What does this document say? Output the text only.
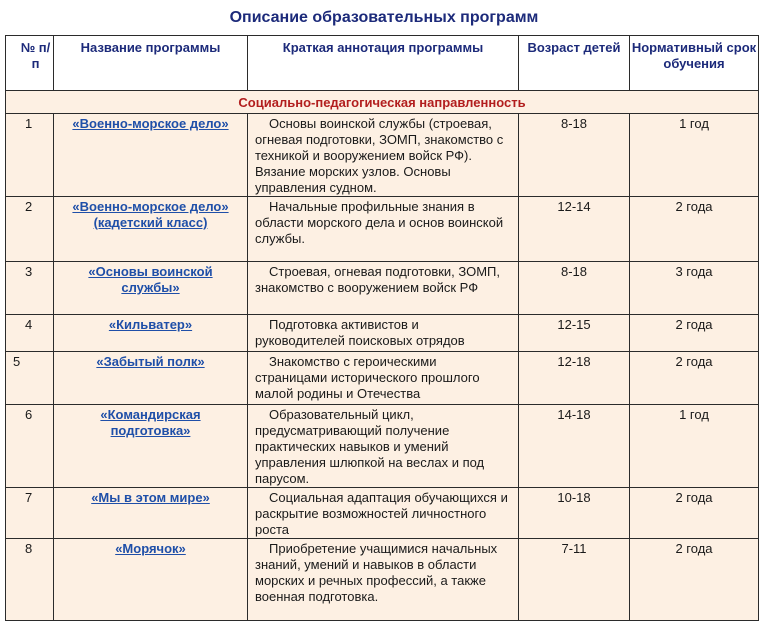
Описание образовательных программ
№ п/п	Название программы	Краткая аннотация программы	Возраст детей	Нормативный срок обучения
Социально-педагогическая направленность				
1	«Военно-морское дело»	Основы воинской службы (строевая, огневая подготовки, ЗОМП, знакомство с техникой и вооружением войск РФ). Вязание морских узлов. Основы управления судном.	8-18	1 год
2	«Военно-морское дело» (кадетский класс)	Начальные профильные знания в области морского дела и основ воинской службы.	12-14	2 года
3	«Основы воинской службы»	Строевая, огневая подготовки, ЗОМП, знакомство с вооружением войск РФ	8-18	3 года
4	«Кильватер»	Подготовка активистов и руководителей поисковых отрядов	12-15	2 года
5	«Забытый полк»	Знакомство с героическими страницами исторического прошлого малой родины и Отечества	12-18	2 года
6	«Командирская подготовка»	Образовательный цикл, предусматривающий получение практических навыков и умений управления шлюпкой на веслах и под парусом.	14-18	1 год
7	«Мы в этом мире»	Социальная адаптация обучающихся и раскрытие возможностей личностного роста	10-18	2 года
8	«Морячок»	Приобретение учащимися начальных знаний, умений и навыков в области морских и речных профессий, а также военная подготовка.	7-11	2 года
